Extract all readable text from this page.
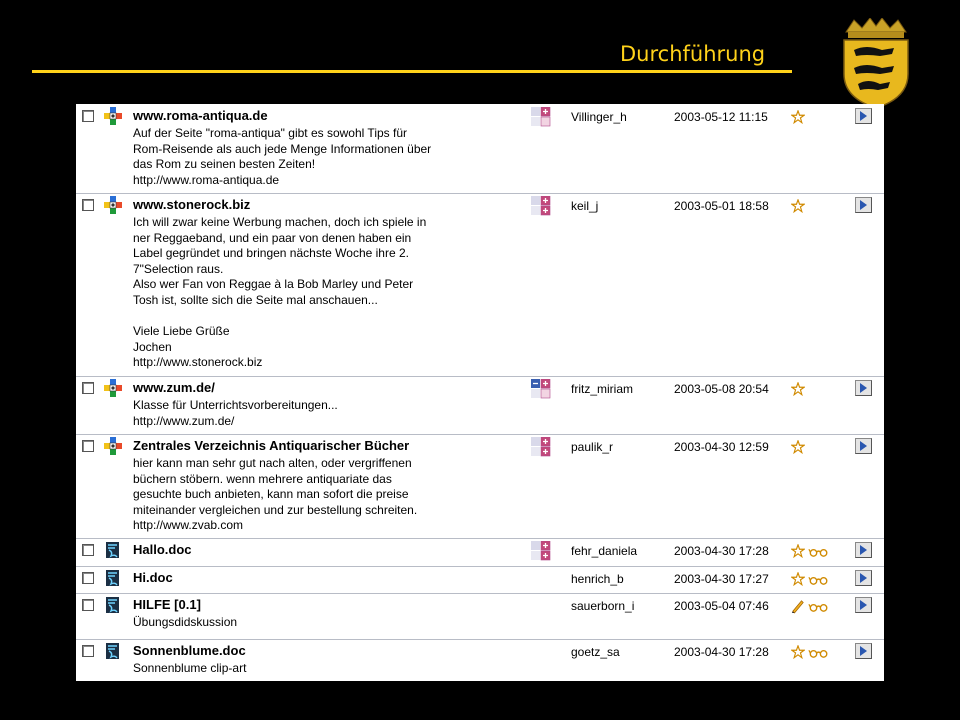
Durchführung
www.roma-antiqua.de
Auf der Seite "roma-antiqua" gibt es sowohl Tips für
Rom-Reisende als auch jede Menge Informationen über
das Rom zu seinen besten Zeiten!
http://www.roma-antiqua.de
Villinger_h	2003-05-12 11:15
www.stonerock.biz
Ich will zwar keine Werbung machen, doch ich spiele in
ner Reggaeband, und ein paar von denen haben ein
Label gegründet und bringen nächste Woche ihre 2.
7"Selection raus.
Also wer Fan von Reggae à la Bob Marley und Peter
Tosh ist, sollte sich die Seite mal anschauen...

Viele Liebe Grüße
Jochen
http://www.stonerock.biz
keil_j	2003-05-01 18:58
www.zum.de/
Klasse für Unterrichtsvorbereitungen...
http://www.zum.de/
fritz_miriam	2003-05-08 20:54
Zentrales Verzeichnis Antiquarischer Bücher
hier kann man sehr gut nach alten, oder vergriffenen
büchern stöbern. wenn mehrere antiquariate das
gesuchte buch anbieten, kann man sofort die preise
miteinander vergleichen und zur bestellung schreiten.
http://www.zvab.com
paulik_r	2003-04-30 12:59
Hallo.doc	fehr_daniela	2003-04-30 17:28
Hi.doc	henrich_b	2003-04-30 17:27
HILFE [0.1]
Übungsdidskussion
sauerborn_i	2003-05-04 07:46
Sonnenblume.doc
Sonnenblume clip-art
goetz_sa	2003-04-30 17:28
